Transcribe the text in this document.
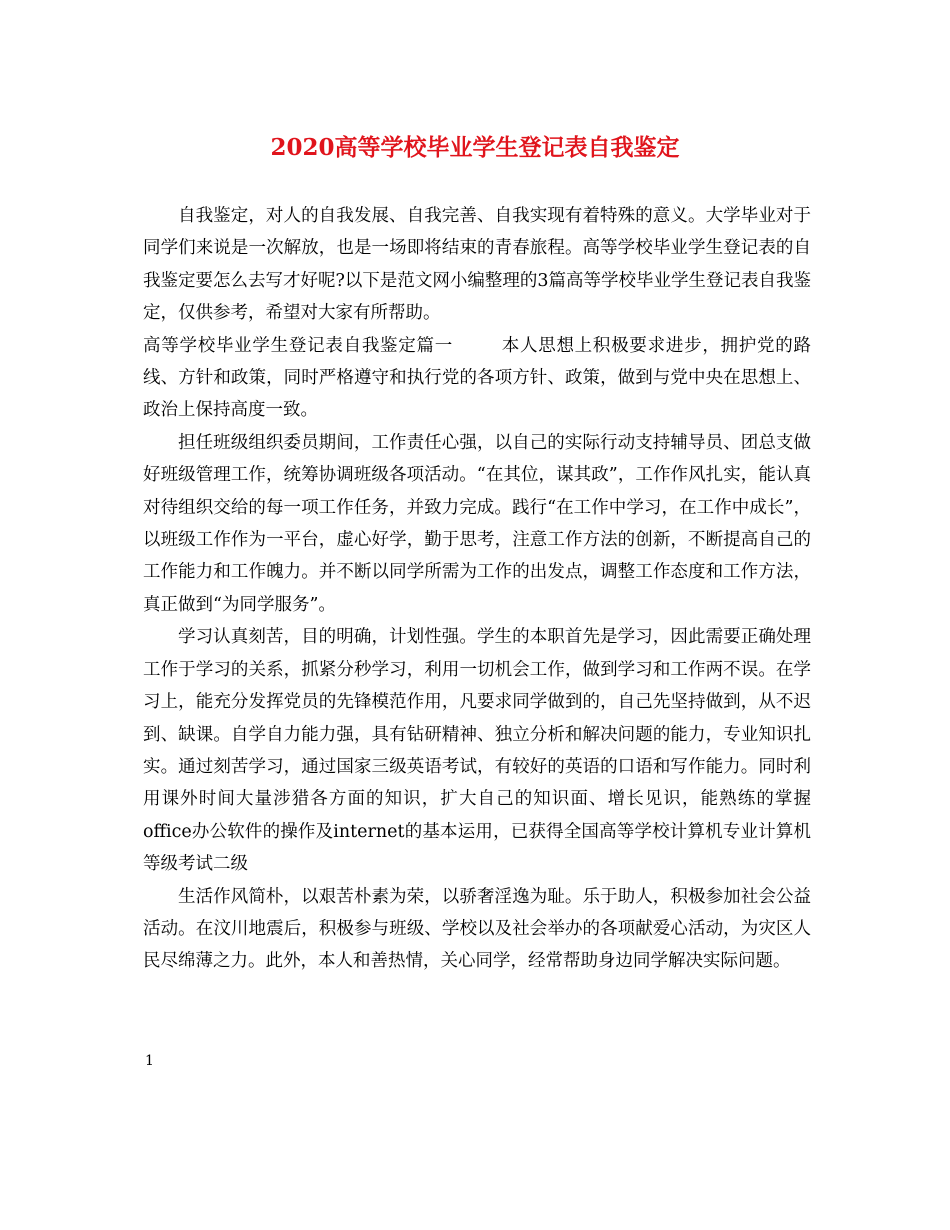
2020高等学校毕业学生登记表自我鉴定

自我鉴定，对人的自我发展、自我完善、自我实现有着特殊的意义。大学毕业对于同学们来说是一次解放，也是一场即将结束的青春旅程。高等学校毕业学生登记表的自我鉴定要怎么去写才好呢?以下是范文网小编整理的3篇高等学校毕业学生登记表自我鉴定，仅供参考，希望对大家有所帮助。

高等学校毕业学生登记表自我鉴定篇一	本人思想上积极要求进步，拥护党的路线、方针和政策，同时严格遵守和执行党的各项方针、政策，做到与党中央在思想上、政治上保持高度一致。

担任班级组织委员期间，工作责任心强，以自己的实际行动支持辅导员、团总支做好班级管理工作，统筹协调班级各项活动。“在其位，谋其政”，工作作风扎实，能认真对待组织交给的每一项工作任务，并致力完成。践行“在工作中学习，在工作中成长”，以班级工作作为一平台，虚心好学，勤于思考，注意工作方法的创新，不断提高自己的工作能力和工作魄力。并不断以同学所需为工作的出发点，调整工作态度和工作方法，真正做到“为同学服务”。

学习认真刻苦，目的明确，计划性强。学生的本职首先是学习，因此需要正确处理工作于学习的关系，抓紧分秒学习，利用一切机会工作，做到学习和工作两不误。在学习上，能充分发挥党员的先锋模范作用，凡要求同学做到的，自己先坚持做到，从不迟到、缺课。自学自力能力强，具有钻研精神、独立分析和解决问题的能力，专业知识扎实。通过刻苦学习，通过国家三级英语考试，有较好的英语的口语和写作能力。同时利用课外时间大量涉猎各方面的知识，扩大自己的知识面、增长见识，能熟练的掌握office办公软件的操作及internet的基本运用，已获得全国高等学校计算机专业计算机等级考试二级

生活作风简朴，以艰苦朴素为荣，以骄奢淫逸为耻。乐于助人，积极参加社会公益活动。在汶川地震后，积极参与班级、学校以及社会举办的各项献爱心活动，为灾区人民尽绵薄之力。此外，本人和善热情，关心同学，经常帮助身边同学解决实际问题。

1
